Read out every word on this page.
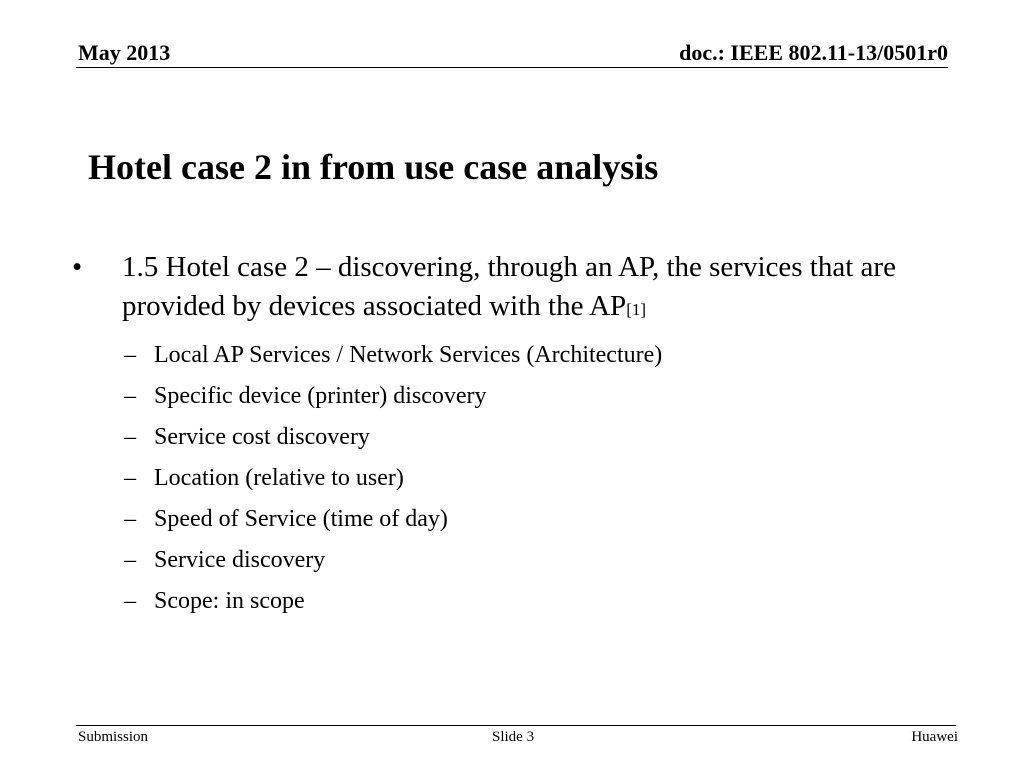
May 2013	doc.: IEEE 802.11-13/0501r0
Hotel case 2 in from use case analysis
•	1.5 Hotel case 2 – discovering, through an AP, the services that are provided by devices associated with the AP[1]
– Local AP Services / Network Services (Architecture)
– Specific device (printer) discovery
– Service cost discovery
– Location (relative to user)
– Speed of Service (time of day)
– Service discovery
– Scope: in scope
Submission	Slide 3	Huawei
